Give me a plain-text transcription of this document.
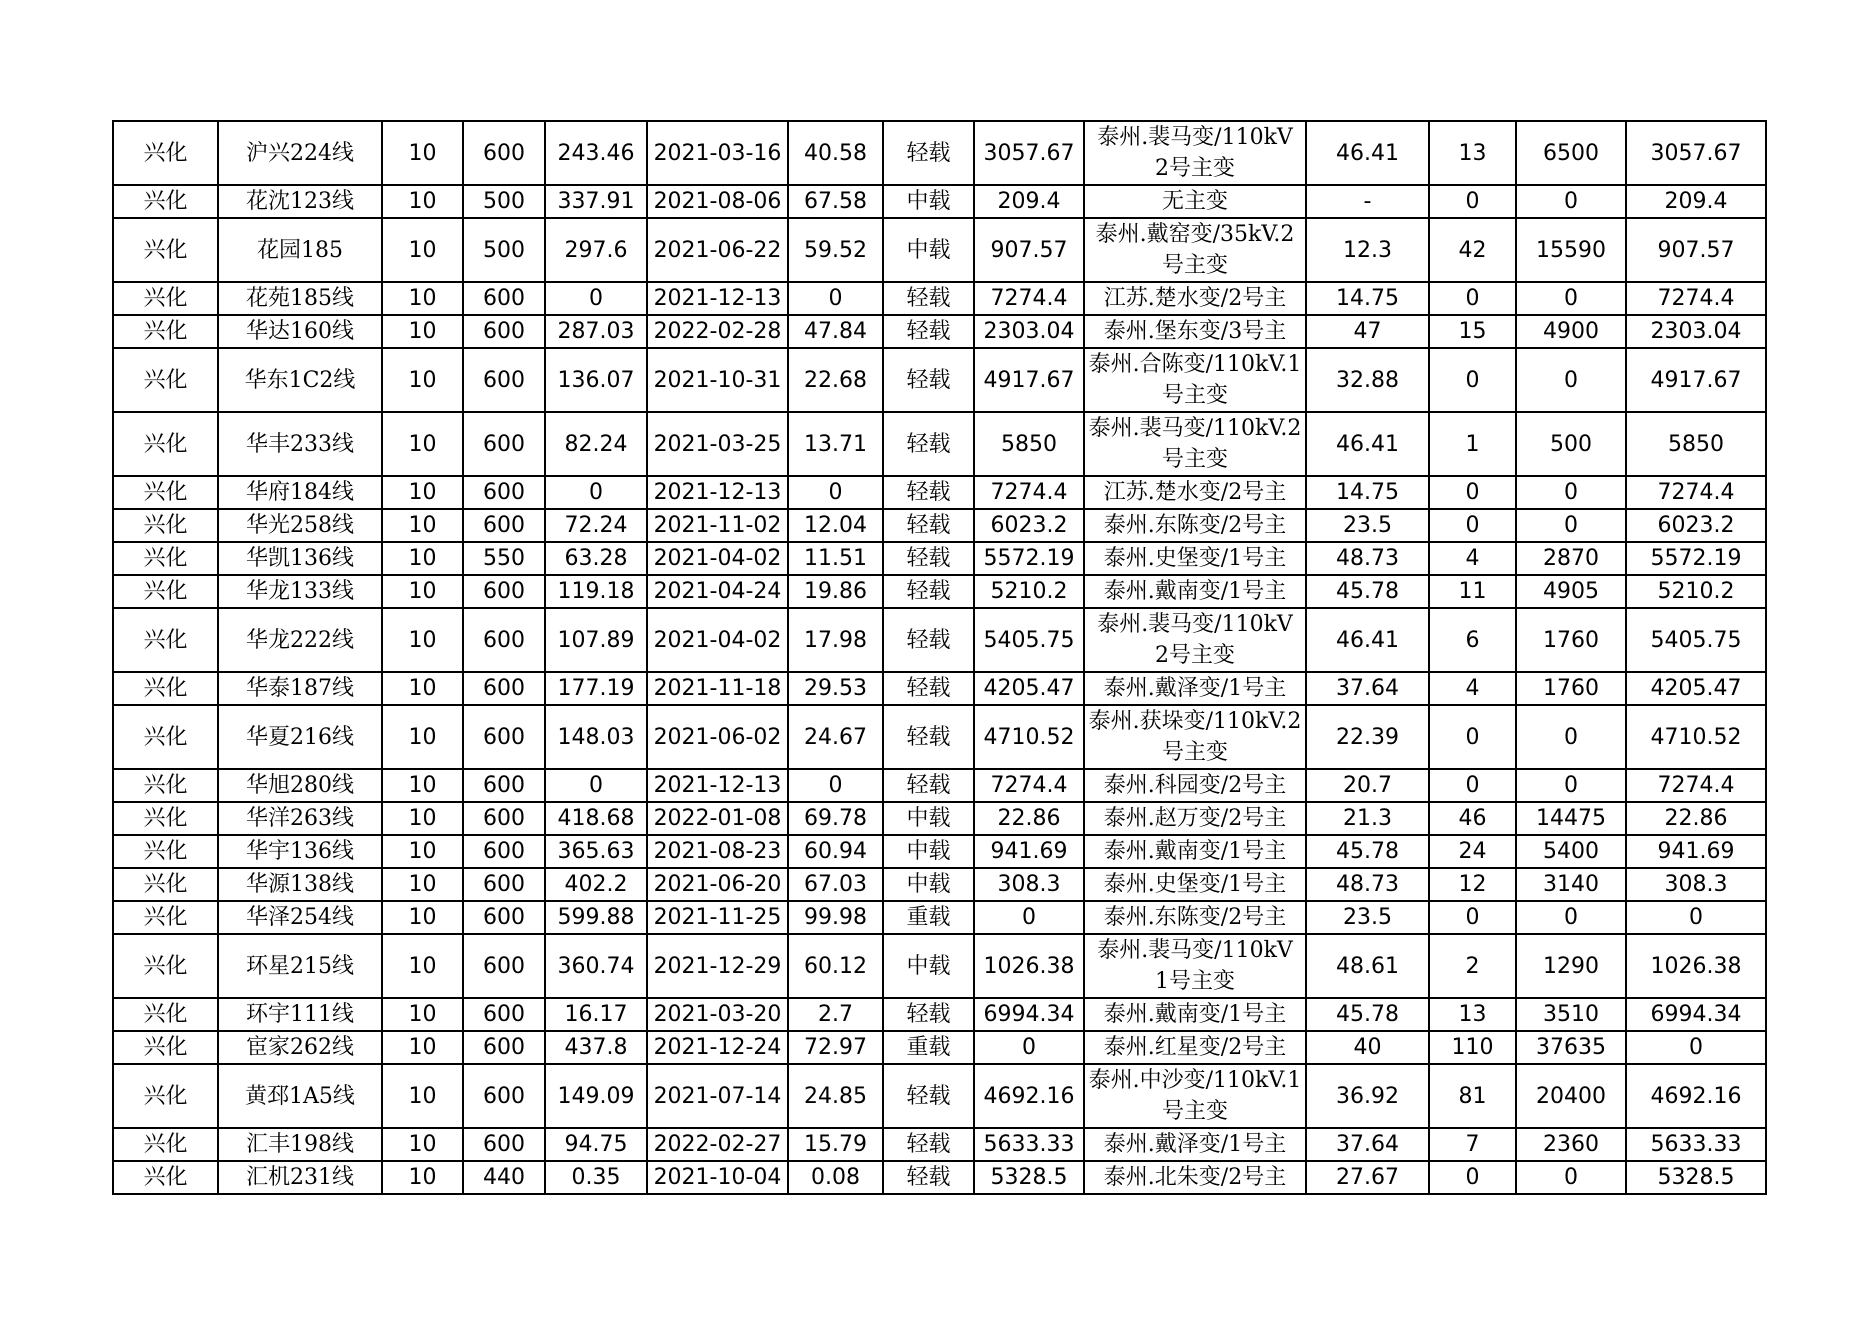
兴化	沪兴224线	10	600	243.46	2021-03-16	40.58	轻载	3057.67	泰州.裴马变/110kV 2号主变	46.41	13	6500	3057.67
兴化	花沈123线	10	500	337.91	2021-08-06	67.58	中载	209.4	无主变	-	0	0	209.4
兴化	花园185	10	500	297.6	2021-06-22	59.52	中载	907.57	泰州.戴窑变/35kV.2号主变	12.3	42	15590	907.57
兴化	花苑185线	10	600	0	2021-12-13	0	轻载	7274.4	江苏.楚水变/2号主	14.75	0	0	7274.4
兴化	华达160线	10	600	287.03	2022-02-28	47.84	轻载	2303.04	泰州.堡东变/3号主	47	15	4900	2303.04
兴化	华东1C2线	10	600	136.07	2021-10-31	22.68	轻载	4917.67	泰州.合陈变/110kV.1号主变	32.88	0	0	4917.67
兴化	华丰233线	10	600	82.24	2021-03-25	13.71	轻载	5850	泰州.裴马变/110kV.2号主变	46.41	1	500	5850
兴化	华府184线	10	600	0	2021-12-13	0	轻载	7274.4	江苏.楚水变/2号主	14.75	0	0	7274.4
兴化	华光258线	10	600	72.24	2021-11-02	12.04	轻载	6023.2	泰州.东陈变/2号主	23.5	0	0	6023.2
兴化	华凯136线	10	550	63.28	2021-04-02	11.51	轻载	5572.19	泰州.史堡变/1号主	48.73	4	2870	5572.19
兴化	华龙133线	10	600	119.18	2021-04-24	19.86	轻载	5210.2	泰州.戴南变/1号主	45.78	11	4905	5210.2
兴化	华龙222线	10	600	107.89	2021-04-02	17.98	轻载	5405.75	泰州.裴马变/110kV 2号主变	46.41	6	1760	5405.75
兴化	华泰187线	10	600	177.19	2021-11-18	29.53	轻载	4205.47	泰州.戴泽变/1号主	37.64	4	1760	4205.47
兴化	华夏216线	10	600	148.03	2021-06-02	24.67	轻载	4710.52	泰州.获垛变/110kV.2号主变	22.39	0	0	4710.52
兴化	华旭280线	10	600	0	2021-12-13	0	轻载	7274.4	泰州.科园变/2号主	20.7	0	0	7274.4
兴化	华洋263线	10	600	418.68	2022-01-08	69.78	中载	22.86	泰州.赵万变/2号主	21.3	46	14475	22.86
兴化	华宇136线	10	600	365.63	2021-08-23	60.94	中载	941.69	泰州.戴南变/1号主	45.78	24	5400	941.69
兴化	华源138线	10	600	402.2	2021-06-20	67.03	中载	308.3	泰州.史堡变/1号主	48.73	12	3140	308.3
兴化	华泽254线	10	600	599.88	2021-11-25	99.98	重载	0	泰州.东陈变/2号主	23.5	0	0	0
兴化	环星215线	10	600	360.74	2021-12-29	60.12	中载	1026.38	泰州.裴马变/110kV 1号主变	48.61	2	1290	1026.38
兴化	环宇111线	10	600	16.17	2021-03-20	2.7	轻载	6994.34	泰州.戴南变/1号主	45.78	13	3510	6994.34
兴化	宦家262线	10	600	437.8	2021-12-24	72.97	重载	0	泰州.红星变/2号主	40	110	37635	0
兴化	黄邳1A5线	10	600	149.09	2021-07-14	24.85	轻载	4692.16	泰州.中沙变/110kV.1号主变	36.92	81	20400	4692.16
兴化	汇丰198线	10	600	94.75	2022-02-27	15.79	轻载	5633.33	泰州.戴泽变/1号主	37.64	7	2360	5633.33
兴化	汇机231线	10	440	0.35	2021-10-04	0.08	轻载	5328.5	泰州.北朱变/2号主	27.67	0	0	5328.5
